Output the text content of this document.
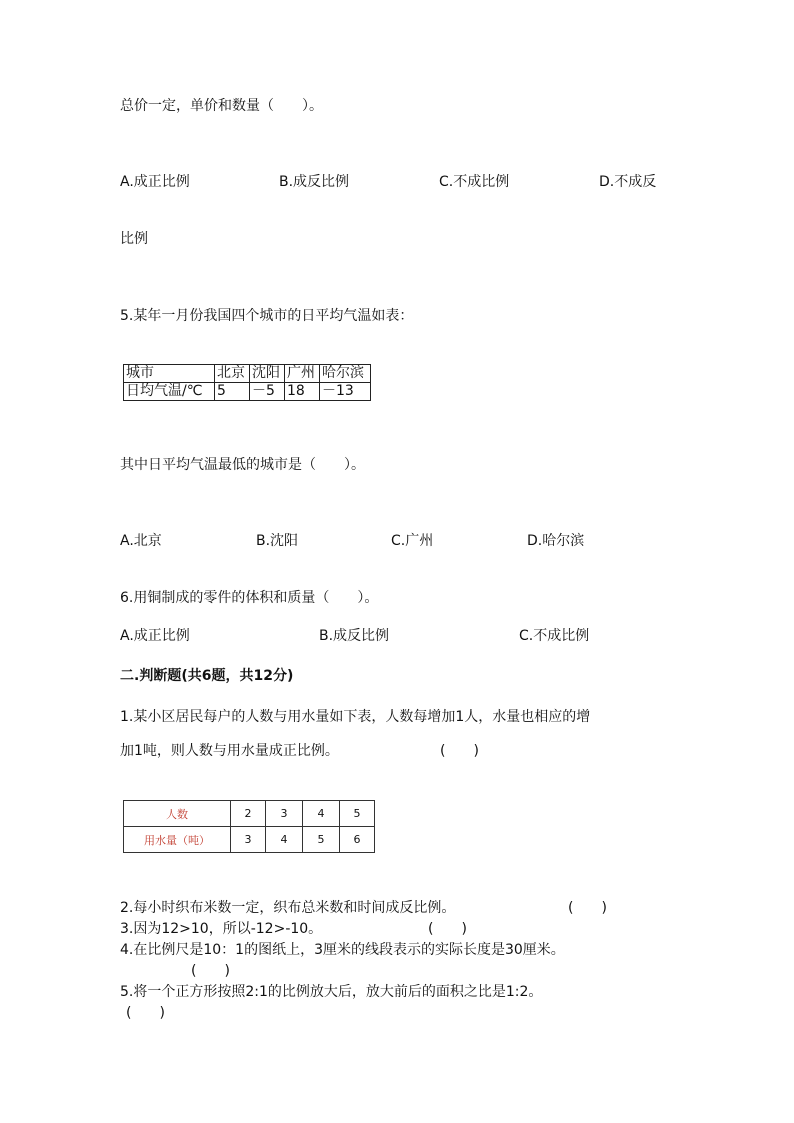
总价一定，单价和数量（　　）。
A.成正比例	B.成反比例	C.不成比例	D.不成反
比例
5.某年一月份我国四个城市的日平均气温如表：
城市	北京	沈阳	广州	哈尔滨
日均气温/℃	5	－5	18	－13
其中日平均气温最低的城市是（　　）。
A.北京	B.沈阳	C.广州	D.哈尔滨
6.用铜制成的零件的体积和质量（　　）。
A.成正比例	B.成反比例	C.不成比例
二.判断题(共6题，共12分)
1.某小区居民每户的人数与用水量如下表，人数每增加1人，水量也相应的增
加1吨，则人数与用水量成正比例。	(　　)
人数	2	3	4	5
用水量（吨）	3	4	5	6
2.每小时织布米数一定，织布总米数和时间成反比例。	(　　)
3.因为12>10，所以-12>-10。	(　　)
4.在比例尺是10：1的图纸上，3厘米的线段表示的实际长度是30厘米。
(　　)
5.将一个正方形按照2:1的比例放大后，放大前后的面积之比是1:2。
(　　)
